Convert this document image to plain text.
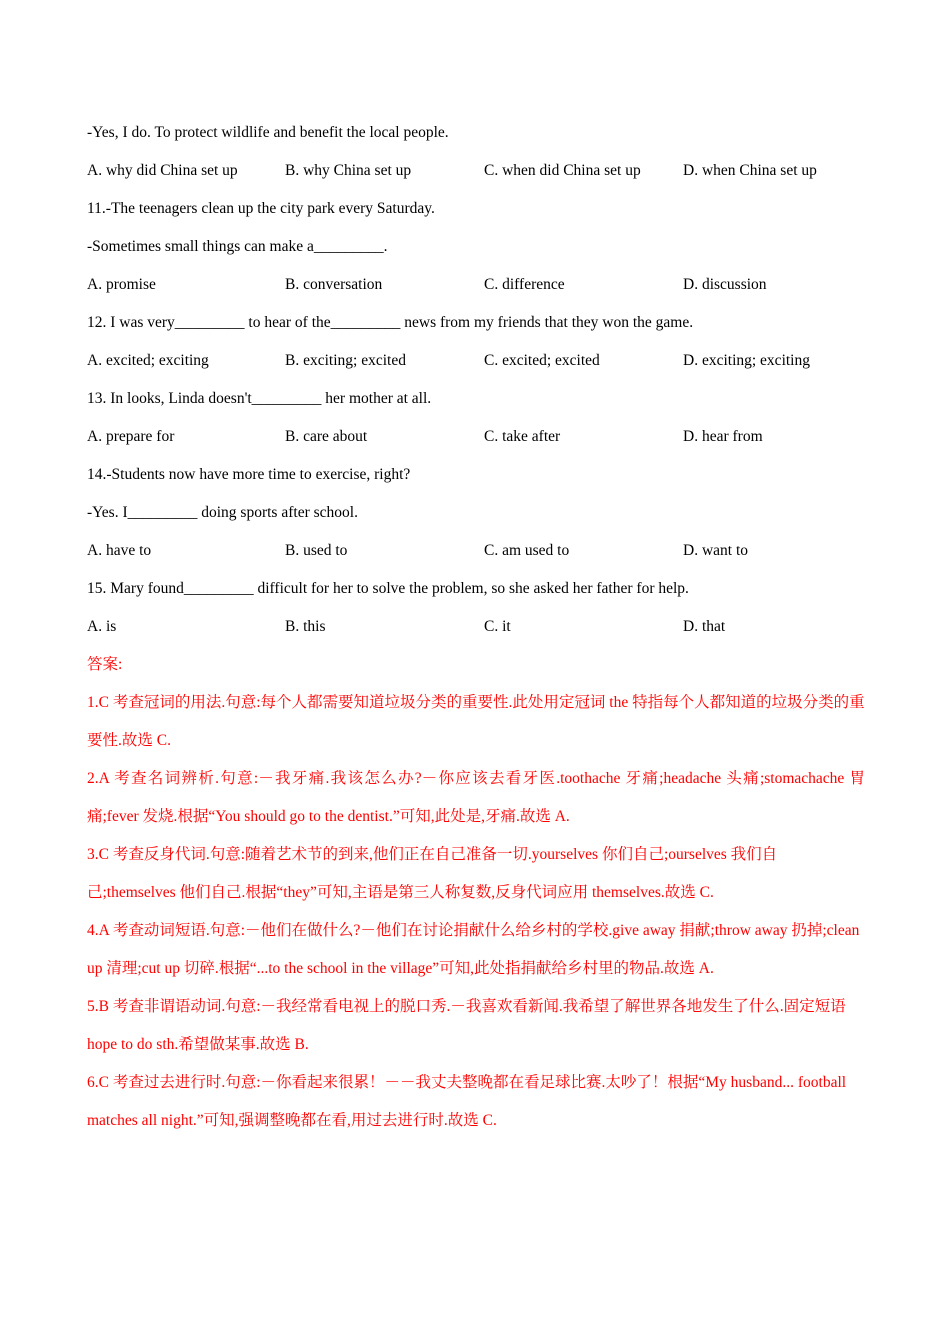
-Yes, I do. To protect wildlife and benefit the local people.
A. why did China set up	B. why China set up	C. when did China set up	D. when China set up
11.-The teenagers clean up the city park every Saturday.
-Sometimes small things can make a_________.
A. promise	B. conversation	C. difference	D. discussion
12. I was very_________ to hear of the_________ news from my friends that they won the game.
A. excited; exciting	B. exciting; excited	C. excited; excited	D. exciting; exciting
13. In looks, Linda doesn't_________ her mother at all.
A. prepare for	B. care about	C. take after	D. hear from
14.-Students now have more time to exercise, right?
-Yes. I_________ doing sports after school.
A. have to	B. used to	C. am used to	D. want to
15. Mary found_________ difficult for her to solve the problem, so she asked her father for help.
A. is	B. this	C. it	D. that
答案:
1.C 考查冠词的用法.句意:每个人都需要知道垃圾分类的重要性.此处用定冠词 the 特指每个人都知道的垃圾分类的重要性.故选 C.
2.A 考查名词辨析.句意:－我牙痛.我该怎么办?－你应该去看牙医.toothache 牙痛;headache 头痛;stomachache 胃痛;fever 发烧.根据“You should go to the dentist.”可知,此处是,牙痛.故选 A.
3.C 考查反身代词.句意:随着艺术节的到来,他们正在自己准备一切.yourselves 你们自己;ourselves 我们自己;themselves 他们自己.根据“they”可知,主语是第三人称复数,反身代词应用 themselves.故选 C.
4.A 考查动词短语.句意:－他们在做什么?－他们在讨论捐献什么给乡村的学校.give away 捐献;throw away 扔掉;clean up 清理;cut up 切碎.根据“...to the school in the village”可知,此处指捐献给乡村里的物品.故选 A.
5.B 考查非谓语动词.句意:－我经常看电视上的脱口秀.－我喜欢看新闻.我希望了解世界各地发生了什么.固定短语 hope to do sth.希望做某事.故选 B.
6.C 考查过去进行时.句意:－你看起来很累！－－我丈夫整晚都在看足球比赛.太吵了！根据“My husband... football matches all night.”可知,强调整晚都在看,用过去进行时.故选 C.
